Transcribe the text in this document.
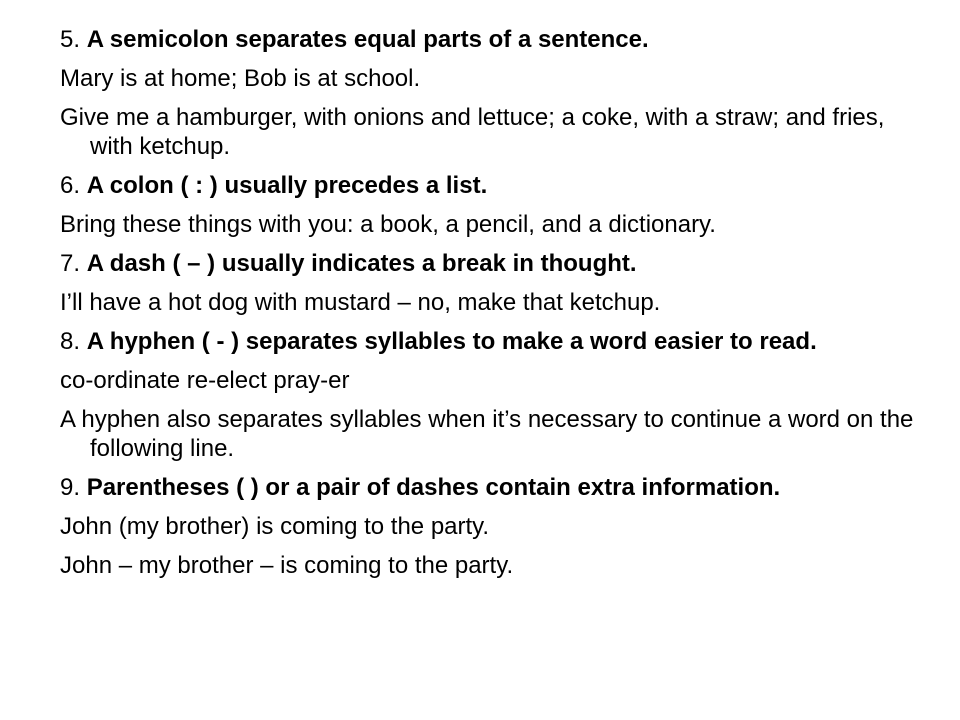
5. A semicolon separates equal parts of a sentence.
Mary is at home; Bob is at school.
Give me a hamburger, with onions and lettuce; a coke, with a straw; and fries, with ketchup.
6. A colon ( : ) usually precedes a list.
Bring these things with you: a book, a pencil, and a dictionary.
7. A dash ( – ) usually indicates a break in thought.
I’ll have a hot dog with mustard – no, make that ketchup.
8. A hyphen ( - ) separates syllables to make a word easier to read.
co-ordinate re-elect pray-er
A hyphen also separates syllables when it’s necessary to continue a word on the following line.
9. Parentheses ( ) or a pair of dashes contain extra information.
John (my brother) is coming to the party.
John – my brother – is coming to the party.
